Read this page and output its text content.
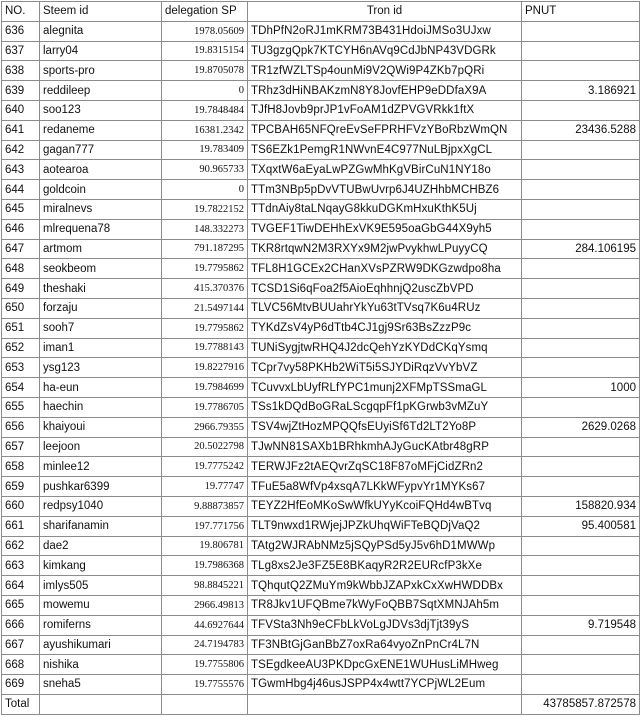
NO.	Steem id	delegation SP	Tron id	PNUT
636	alegnita	1978.05609	TDhPfN2oRJ1mKRM73B431HdoiJMSo3UJxw	
637	larry04	19.8315154	TU3gzgQpk7KTCYH6nAVq9CdJbNP43VDGRk	
638	sports-pro	19.8705078	TR1zfWZLTSp4ounMi9V2QWi9P4ZKb7pQRi	
639	reddileep	0	TRhz3dHiNBAKzmN8Y8JovfEHP9eDDfaX9A	3.186921
640	soo123	19.7848484	TJfH8Jovb9prJP1vFoAM1dZPVGVRkk1ftX	
641	redaneme	16381.2342	TPCBAH65NFQreEvSeFPRHFVzYBoRbzWmQN	23436.5288
642	gagan777	19.783409	TS6EZk1PemgR1NWvnE4C977NuLBjpxXgCL	
643	aotearoa	90.965733	TXqxtW6aEyaLwPZGwMhKgVBirCuN1NY18o	
644	goldcoin	0	TTm3NBp5pDvVTUBwUvrp6J4UZHhbMCHBZ6	
645	miralnevs	19.7822152	TTdnAiy8taLNqayG8kkuDGKmHxuKthK5Uj	
646	mlrequena78	148.332273	TVGEF1TiwDEHhExVK9E595oaGbG44X9yh5	
647	artmom	791.187295	TKR8rtqwN2M3RXYx9M2jwPvykhwLPuyyCQ	284.106195
648	seokbeom	19.7795862	TFL8H1GCEx2CHanXVsPZRW9DKGzwdpo8ha	
649	theshaki	415.370376	TCSD1Si6qFoa2f5AioEqhhnjQ2uscZbVPD	
650	forzaju	21.5497144	TLVC56MtvBUUahrYkYu63tTVsq7K6u4RUz	
651	sooh7	19.7795862	TYKdZsV4yP6dTtb4CJ1gj9Sr63BsZzzP9c	
652	iman1	19.7788143	TUNiSygjtwRHQ4J2dcQehYzKYDdCKqYsmq	
653	ysg123	19.8227916	TCpr7vy58PKHb2WiT5i5SJYDiRqzVvYbVZ	
654	ha-eun	19.7984699	TCuvvxLbUyfRLfYPC1munj2XFMpTSSmaGL	1000
655	haechin	19.7786705	TSs1kDQdBoGRaLScgqpFf1pKGrwb3vMZuY	
656	khaiyoui	2966.79355	TSV4wjZtHozMPQQfsEUyiSf6Td2LT2Yo8P	2629.0268
657	leejoon	20.5022798	TJwNN81SAXb1BRhkmhAJyGucKAtbr48gRP	
658	minlee12	19.7775242	TERWJFz2tAEQvrZqSC18F87oMFjCidZRn2	
659	pushkar6399	19.77747	TFuE5a8WfVp4xsqA7LKkWFypvYr1MYKs67	
660	redpsy1040	9.88873857	TEYZ2HfEoMKoSwWfkUYyKcoiFQHd4wBTvq	158820.934
661	sharifanamin	197.771756	TLT9nwxd1RWjejJPZkUhqWiFTeBQDjVaQ2	95.400581
662	dae2	19.806781	TAtg2WJRAbNMz5jSQyPSd5yJ5v6hD1MWWp	
663	kimkang	19.7986368	TLg8xs2Je3FZ5E8BKaqyR2R2EURcfP3kXe	
664	imlys505	98.8845221	TQhqutQ2ZMuYm9kWbbJZAPxkCxXwHWDDBx	
665	mowemu	2966.49813	TR8Jkv1UFQBme7kWyFoQBB7SqtXMNJAh5m	
666	romiferns	44.6927644	TFVSta3Nh9eCFbLkVoLgJDVs3djTjt39yS	9.719548
667	ayushikumari	24.7194783	TF3NBtGjGanBbZ7oxRa64vyoZnPnCr4L7N	
668	nishika	19.7755806	TSEgdkeeAU3PKDpcGxENE1WUHusLiMHweg	
669	sneha5	19.7755576	TGwmHbg4j46usJSPP4x4wtt7YCPjWL2Eum	
Total				43785857.872578
